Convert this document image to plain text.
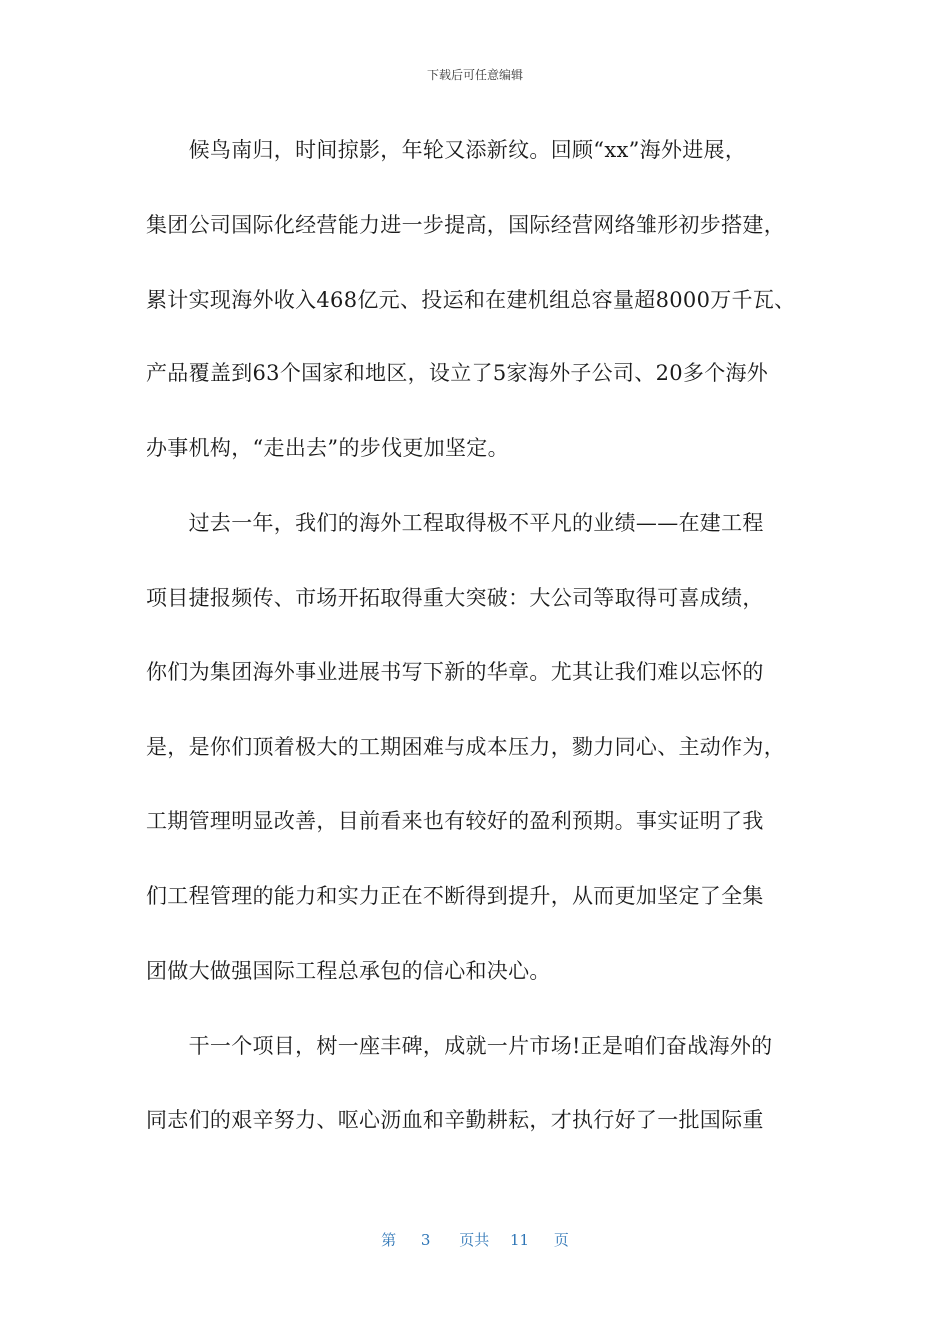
下载后可任意编辑
　　候鸟南归，时间掠影，年轮又添新纹。回顾“xx”海外进展，
集团公司国际化经营能力进一步提高，国际经营网络雏形初步搭建，
累计实现海外收入468亿元、投运和在建机组总容量超8000万千瓦、
产品覆盖到63个国家和地区，设立了5家海外子公司、20多个海外
办事机构，“走出去”的步伐更加坚定。
　　过去一年，我们的海外工程取得极不平凡的业绩——在建工程
项目捷报频传、市场开拓取得重大突破：大公司等取得可喜成绩，
你们为集团海外事业进展书写下新的华章。尤其让我们难以忘怀的
是，是你们顶着极大的工期困难与成本压力，勠力同心、主动作为，
工期管理明显改善，目前看来也有较好的盈利预期。事实证明了我
们工程管理的能力和实力正在不断得到提升，从而更加坚定了全集
团做大做强国际工程总承包的信心和决心。
　　干一个项目，树一座丰碑，成就一片市场!正是咱们奋战海外的
同志们的艰辛努力、呕心沥血和辛勤耕耘，才执行好了一批国际重
第 3 页共 11 页
